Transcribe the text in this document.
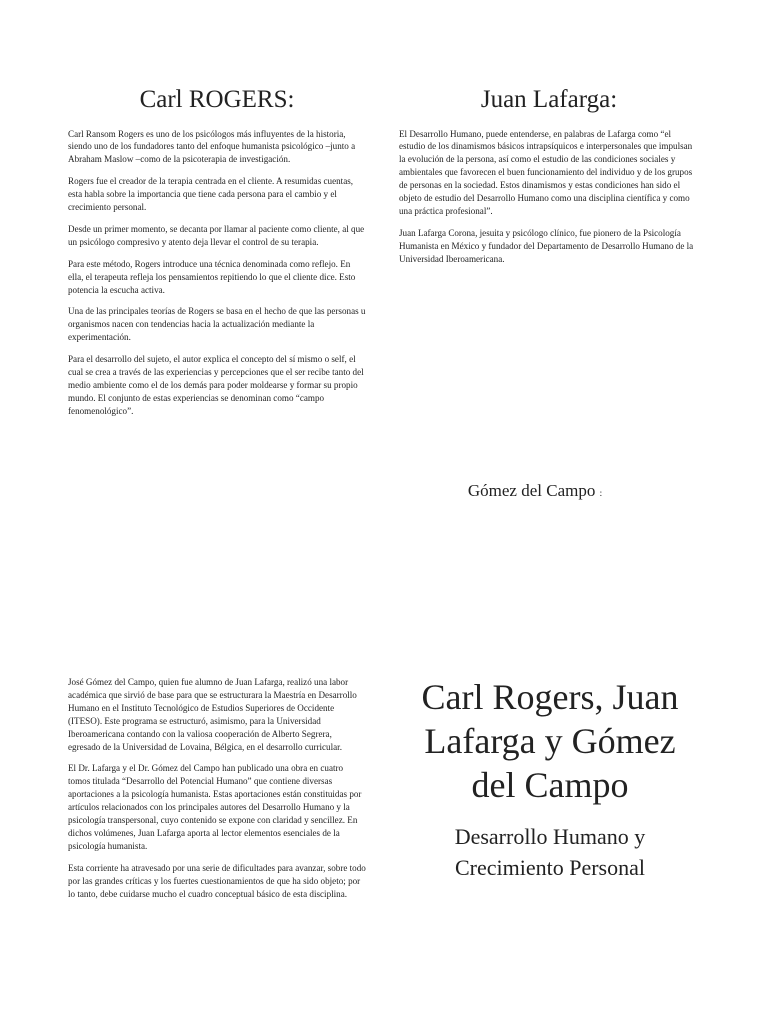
Carl ROGERS:

Carl Ransom Rogers es uno de los psicólogos más influyentes de la historia, siendo uno de los fundadores tanto del enfoque humanista psicológico –junto a Abraham Maslow –como de la psicoterapia de investigación.

Rogers fue el creador de la terapia centrada en el cliente. A resumidas cuentas, esta habla sobre la importancia que tiene cada persona para el cambio y el crecimiento personal.

Desde un primer momento, se decanta por llamar al paciente como cliente, al que un psicólogo compresivo y atento deja llevar el control de su terapia.

Para este método, Rogers introduce una técnica denominada como reflejo. En ella, el terapeuta refleja los pensamientos repitiendo lo que el cliente dice. Esto potencia la escucha activa.

Una de las principales teorías de Rogers se basa en el hecho de que las personas u organismos nacen con tendencias hacia la actualización mediante la experimentación.

Para el desarrollo del sujeto, el autor explica el concepto del sí mismo o self, el cual se crea a través de las experiencias y percepciones que el ser recibe tanto del medio ambiente como el de los demás para poder moldearse y formar su propio mundo. El conjunto de estas experiencias se denominan como “campo fenomenológico”.

Juan Lafarga:

El Desarrollo Humano, puede entenderse, en palabras de Lafarga como “el estudio de los dinamismos básicos intrapsíquicos e interpersonales que impulsan la evolución de la persona, así como el estudio de las condiciones sociales y ambientales que favorecen el buen funcionamiento del individuo y de los grupos de personas en la sociedad. Estos dinamismos y estas condiciones han sido el objeto de estudio del Desarrollo Humano como una disciplina científica y como una práctica profesional”.

Juan Lafarga Corona, jesuita y psicólogo clínico, fue pionero de la Psicología Humanista en México y fundador del Departamento de Desarrollo Humano de la Universidad Iberoamericana.

Gómez del Campo :

José Gómez del Campo, quien fue alumno de Juan Lafarga, realizó una labor académica que sirvió de base para que se estructurara la Maestría en Desarrollo Humano en el Instituto Tecnológico de Estudios Superiores de Occidente (ITESO). Este programa se estructuró, asimismo, para la Universidad Iberoamericana contando con la valiosa cooperación de Alberto Segrera, egresado de la Universidad de Lovaina, Bélgica, en el desarrollo curricular.

El Dr. Lafarga y el Dr. Gómez del Campo han publicado una obra en cuatro tomos titulada “Desarrollo del Potencial Humano” que contiene diversas aportaciones a la psicología humanista. Estas aportaciones están constituidas por artículos relacionados con los principales autores del Desarrollo Humano y la psicología transpersonal, cuyo contenido se expone con claridad y sencillez. En dichos volúmenes, Juan Lafarga aporta al lector elementos esenciales de la psicología humanista.

Esta corriente ha atravesado por una serie de dificultades para avanzar, sobre todo por las grandes críticas y los fuertes cuestionamientos de que ha sido objeto; por lo tanto, debe cuidarse mucho el cuadro conceptual básico de esta disciplina.

Carl Rogers, Juan Lafarga y Gómez del Campo
Desarrollo Humano y Crecimiento Personal
